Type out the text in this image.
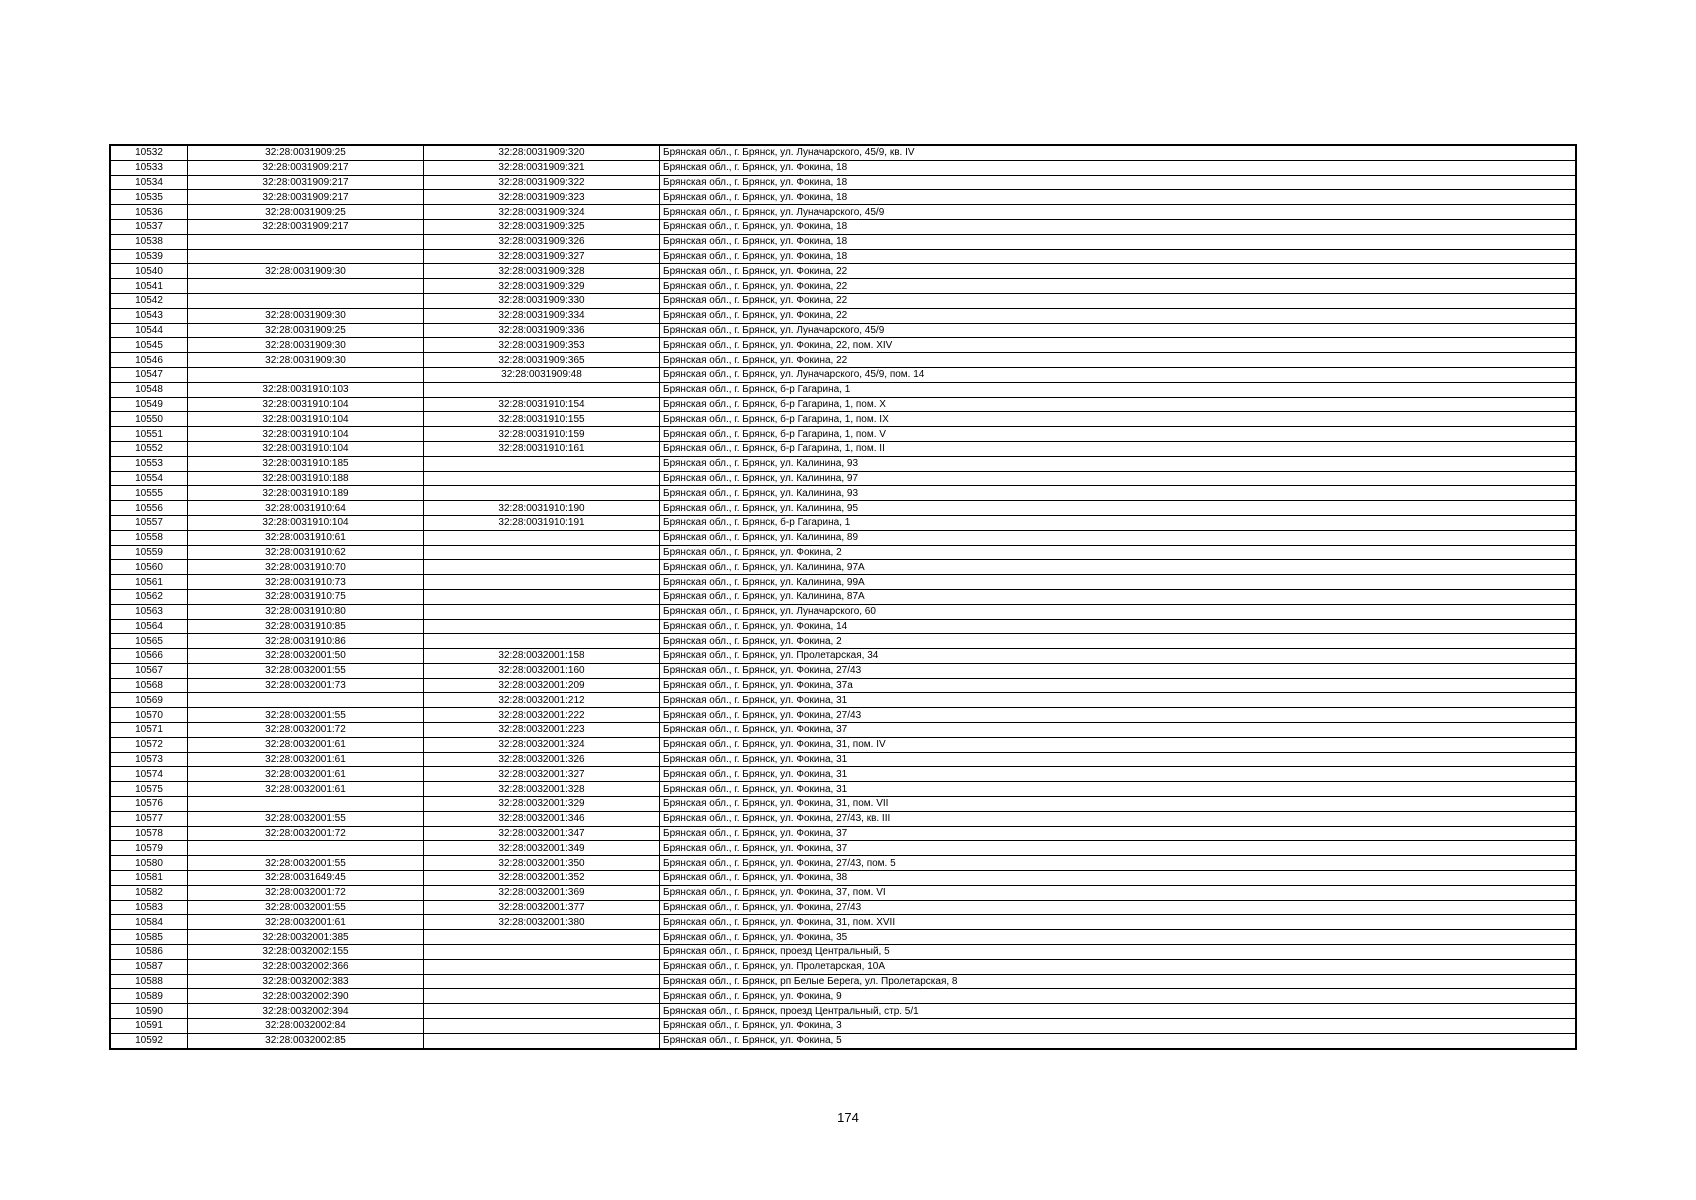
10532	32:28:0031909:25	32:28:0031909:320	Брянская обл., г. Брянск, ул. Луначарского, 45/9, кв. IV
10533	32:28:0031909:217	32:28:0031909:321	Брянская обл., г. Брянск, ул. Фокина, 18
10534	32:28:0031909:217	32:28:0031909:322	Брянская обл., г. Брянск, ул. Фокина, 18
10535	32:28:0031909:217	32:28:0031909:323	Брянская обл., г. Брянск, ул. Фокина, 18
10536	32:28:0031909:25	32:28:0031909:324	Брянская обл., г. Брянск, ул. Луначарского, 45/9
10537	32:28:0031909:217	32:28:0031909:325	Брянская обл., г. Брянск, ул. Фокина, 18
10538		32:28:0031909:326	Брянская обл., г. Брянск, ул. Фокина, 18
10539		32:28:0031909:327	Брянская обл., г. Брянск, ул. Фокина, 18
10540	32:28:0031909:30	32:28:0031909:328	Брянская обл., г. Брянск, ул. Фокина, 22
10541		32:28:0031909:329	Брянская обл., г. Брянск, ул. Фокина, 22
10542		32:28:0031909:330	Брянская обл., г. Брянск, ул. Фокина, 22
10543	32:28:0031909:30	32:28:0031909:334	Брянская обл., г. Брянск, ул. Фокина, 22
10544	32:28:0031909:25	32:28:0031909:336	Брянская обл., г. Брянск, ул. Луначарского, 45/9
10545	32:28:0031909:30	32:28:0031909:353	Брянская обл., г. Брянск, ул. Фокина, 22, пом. XIV
10546	32:28:0031909:30	32:28:0031909:365	Брянская обл., г. Брянск, ул. Фокина, 22
10547		32:28:0031909:48	Брянская обл., г. Брянск, ул. Луначарского, 45/9, пом. 14
10548	32:28:0031910:103		Брянская обл., г. Брянск, б-р Гагарина, 1
10549	32:28:0031910:104	32:28:0031910:154	Брянская обл., г. Брянск, б-р Гагарина, 1, пом. X
10550	32:28:0031910:104	32:28:0031910:155	Брянская обл., г. Брянск, б-р Гагарина, 1, пом. IX
10551	32:28:0031910:104	32:28:0031910:159	Брянская обл., г. Брянск, б-р Гагарина, 1, пом. V
10552	32:28:0031910:104	32:28:0031910:161	Брянская обл., г. Брянск, б-р Гагарина, 1, пом. II
10553	32:28:0031910:185		Брянская обл., г. Брянск, ул. Калинина, 93
10554	32:28:0031910:188		Брянская обл., г. Брянск, ул. Калинина, 97
10555	32:28:0031910:189		Брянская обл., г. Брянск, ул. Калинина, 93
10556	32:28:0031910:64	32:28:0031910:190	Брянская обл., г. Брянск, ул. Калинина, 95
10557	32:28:0031910:104	32:28:0031910:191	Брянская обл., г. Брянск, б-р Гагарина, 1
10558	32:28:0031910:61		Брянская обл., г. Брянск, ул. Калинина, 89
10559	32:28:0031910:62		Брянская обл., г. Брянск, ул. Фокина, 2
10560	32:28:0031910:70		Брянская обл., г. Брянск, ул. Калинина, 97А
10561	32:28:0031910:73		Брянская обл., г. Брянск, ул. Калинина, 99А
10562	32:28:0031910:75		Брянская обл., г. Брянск, ул. Калинина, 87А
10563	32:28:0031910:80		Брянская обл., г. Брянск, ул. Луначарского, 60
10564	32:28:0031910:85		Брянская обл., г. Брянск, ул. Фокина, 14
10565	32:28:0031910:86		Брянская обл., г. Брянск, ул. Фокина, 2
10566	32:28:0032001:50	32:28:0032001:158	Брянская обл., г. Брянск, ул. Пролетарская, 34
10567	32:28:0032001:55	32:28:0032001:160	Брянская обл., г. Брянск, ул. Фокина, 27/43
10568	32:28:0032001:73	32:28:0032001:209	Брянская обл., г. Брянск, ул. Фокина, 37а
10569		32:28:0032001:212	Брянская обл., г. Брянск, ул. Фокина, 31
10570	32:28:0032001:55	32:28:0032001:222	Брянская обл., г. Брянск, ул. Фокина, 27/43
10571	32:28:0032001:72	32:28:0032001:223	Брянская обл., г. Брянск, ул. Фокина, 37
10572	32:28:0032001:61	32:28:0032001:324	Брянская обл., г. Брянск, ул. Фокина, 31, пом. IV
10573	32:28:0032001:61	32:28:0032001:326	Брянская обл., г. Брянск, ул. Фокина, 31
10574	32:28:0032001:61	32:28:0032001:327	Брянская обл., г. Брянск, ул. Фокина, 31
10575	32:28:0032001:61	32:28:0032001:328	Брянская обл., г. Брянск, ул. Фокина, 31
10576		32:28:0032001:329	Брянская обл., г. Брянск, ул. Фокина, 31, пом. VII
10577	32:28:0032001:55	32:28:0032001:346	Брянская обл., г. Брянск, ул. Фокина, 27/43, кв. III
10578	32:28:0032001:72	32:28:0032001:347	Брянская обл., г. Брянск, ул. Фокина, 37
10579		32:28:0032001:349	Брянская обл., г. Брянск, ул. Фокина, 37
10580	32:28:0032001:55	32:28:0032001:350	Брянская обл., г. Брянск, ул. Фокина, 27/43, пом. 5
10581	32:28:0031649:45	32:28:0032001:352	Брянская обл., г. Брянск, ул. Фокина, 38
10582	32:28:0032001:72	32:28:0032001:369	Брянская обл., г. Брянск, ул. Фокина, 37, пом. VI
10583	32:28:0032001:55	32:28:0032001:377	Брянская обл., г. Брянск, ул. Фокина, 27/43
10584	32:28:0032001:61	32:28:0032001:380	Брянская обл., г. Брянск, ул. Фокина, 31, пом. XVII
10585	32:28:0032001:385		Брянская обл., г. Брянск, ул. Фокина, 35
10586	32:28:0032002:155		Брянская обл., г. Брянск, проезд Центральный, 5
10587	32:28:0032002:366		Брянская обл., г. Брянск, ул. Пролетарская, 10А
10588	32:28:0032002:383		Брянская обл., г. Брянск, рп Белые Берега, ул. Пролетарская, 8
10589	32:28:0032002:390		Брянская обл., г. Брянск, ул. Фокина, 9
10590	32:28:0032002:394		Брянская обл., г. Брянск, проезд Центральный, стр. 5/1
10591	32:28:0032002:84		Брянская обл., г. Брянск, ул. Фокина, 3
10592	32:28:0032002:85		Брянская обл., г. Брянск, ул. Фокина, 5
174
